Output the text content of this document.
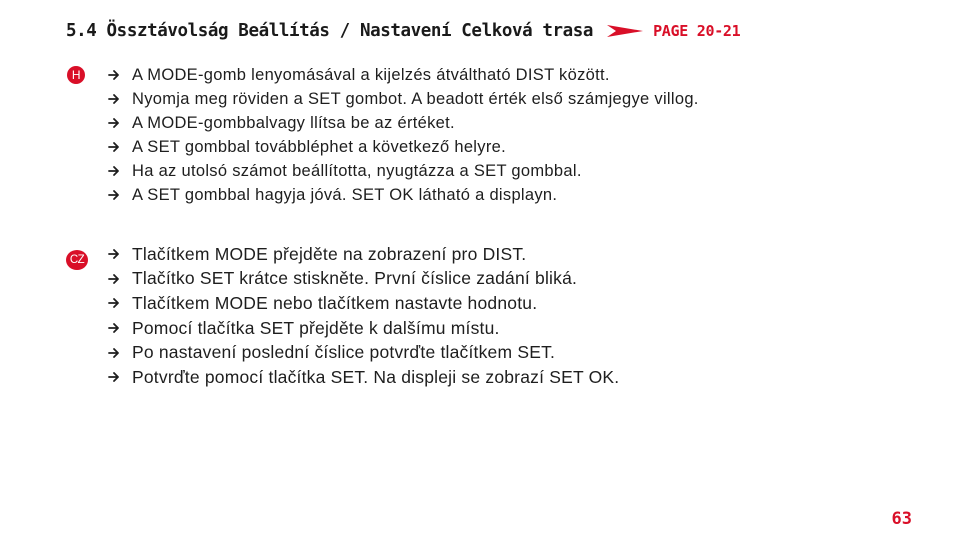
5.4 Össztávolság Beállítás / Nastavení Celková trasa	PAGE 20-21
H	A MODE-gomb lenyomásával a kijelzés átváltható DIST között.
Nyomja meg röviden a SET gombot. A beadott érték első számjegye villog.
A MODE-gombbalvagy llítsa be az értéket.
A SET gombbal továbbléphet a következő helyre.
Ha az utolsó számot beállította, nyugtázza a SET gombbal.
A SET gombbal hagyja jóvá. SET OK látható a displayn.
CZ	Tlačítkem MODE přejděte na zobrazení pro DIST.
Tlačítko SET krátce stiskněte. První číslice zadání bliká.
Tlačítkem MODE nebo tlačítkem nastavte hodnotu.
Pomocí tlačítka SET přejděte k dalšímu místu.
Po nastavení poslední číslice potvrďte tlačítkem SET.
Potvrďte pomocí tlačítka SET. Na displeji se zobrazí SET OK.
63
